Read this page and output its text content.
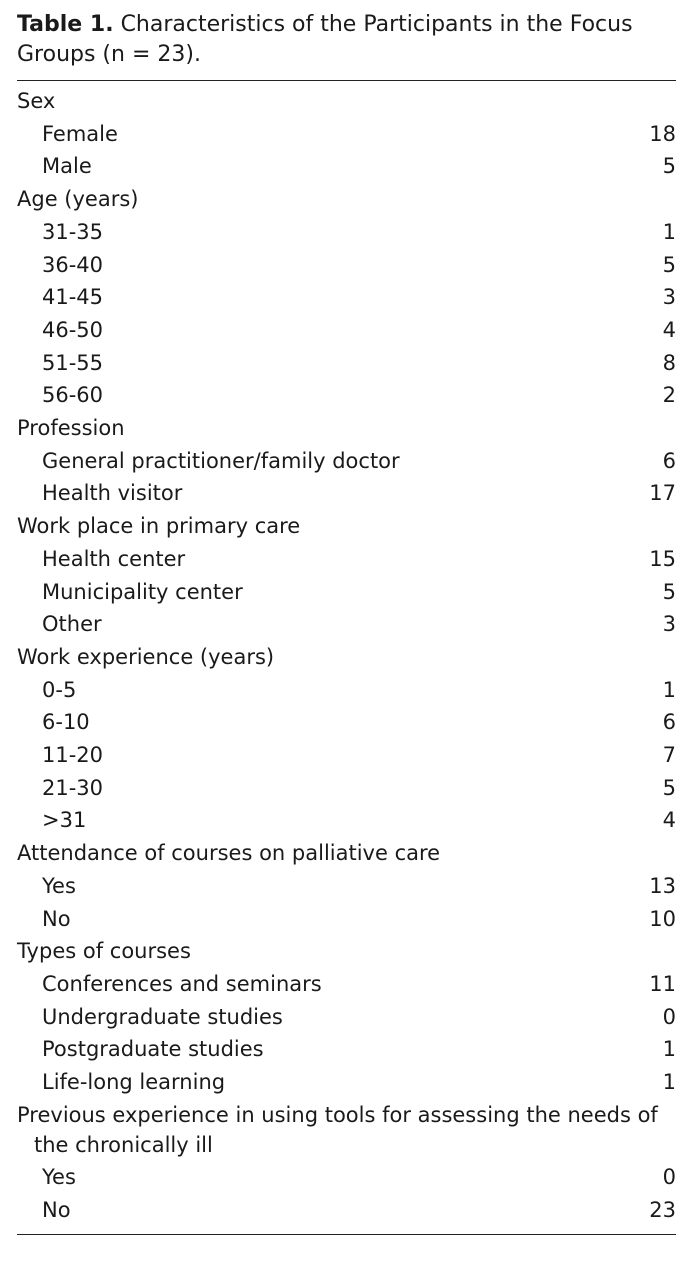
Table 1. Characteristics of the Participants in the Focus Groups (n = 23).

Sex
Female	18
Male	5
Age (years)
31-35	1
36-40	5
41-45	3
46-50	4
51-55	8
56-60	2
Profession
General practitioner/family doctor	6
Health visitor	17
Work place in primary care
Health center	15
Municipality center	5
Other	3
Work experience (years)
0-5	1
6-10	6
11-20	7
21-30	5
>31	4
Attendance of courses on palliative care
Yes	13
No	10
Types of courses
Conferences and seminars	11
Undergraduate studies	0
Postgraduate studies	1
Life-long learning	1
Previous experience in using tools for assessing the needs of the chronically ill
Yes	0
No	23
